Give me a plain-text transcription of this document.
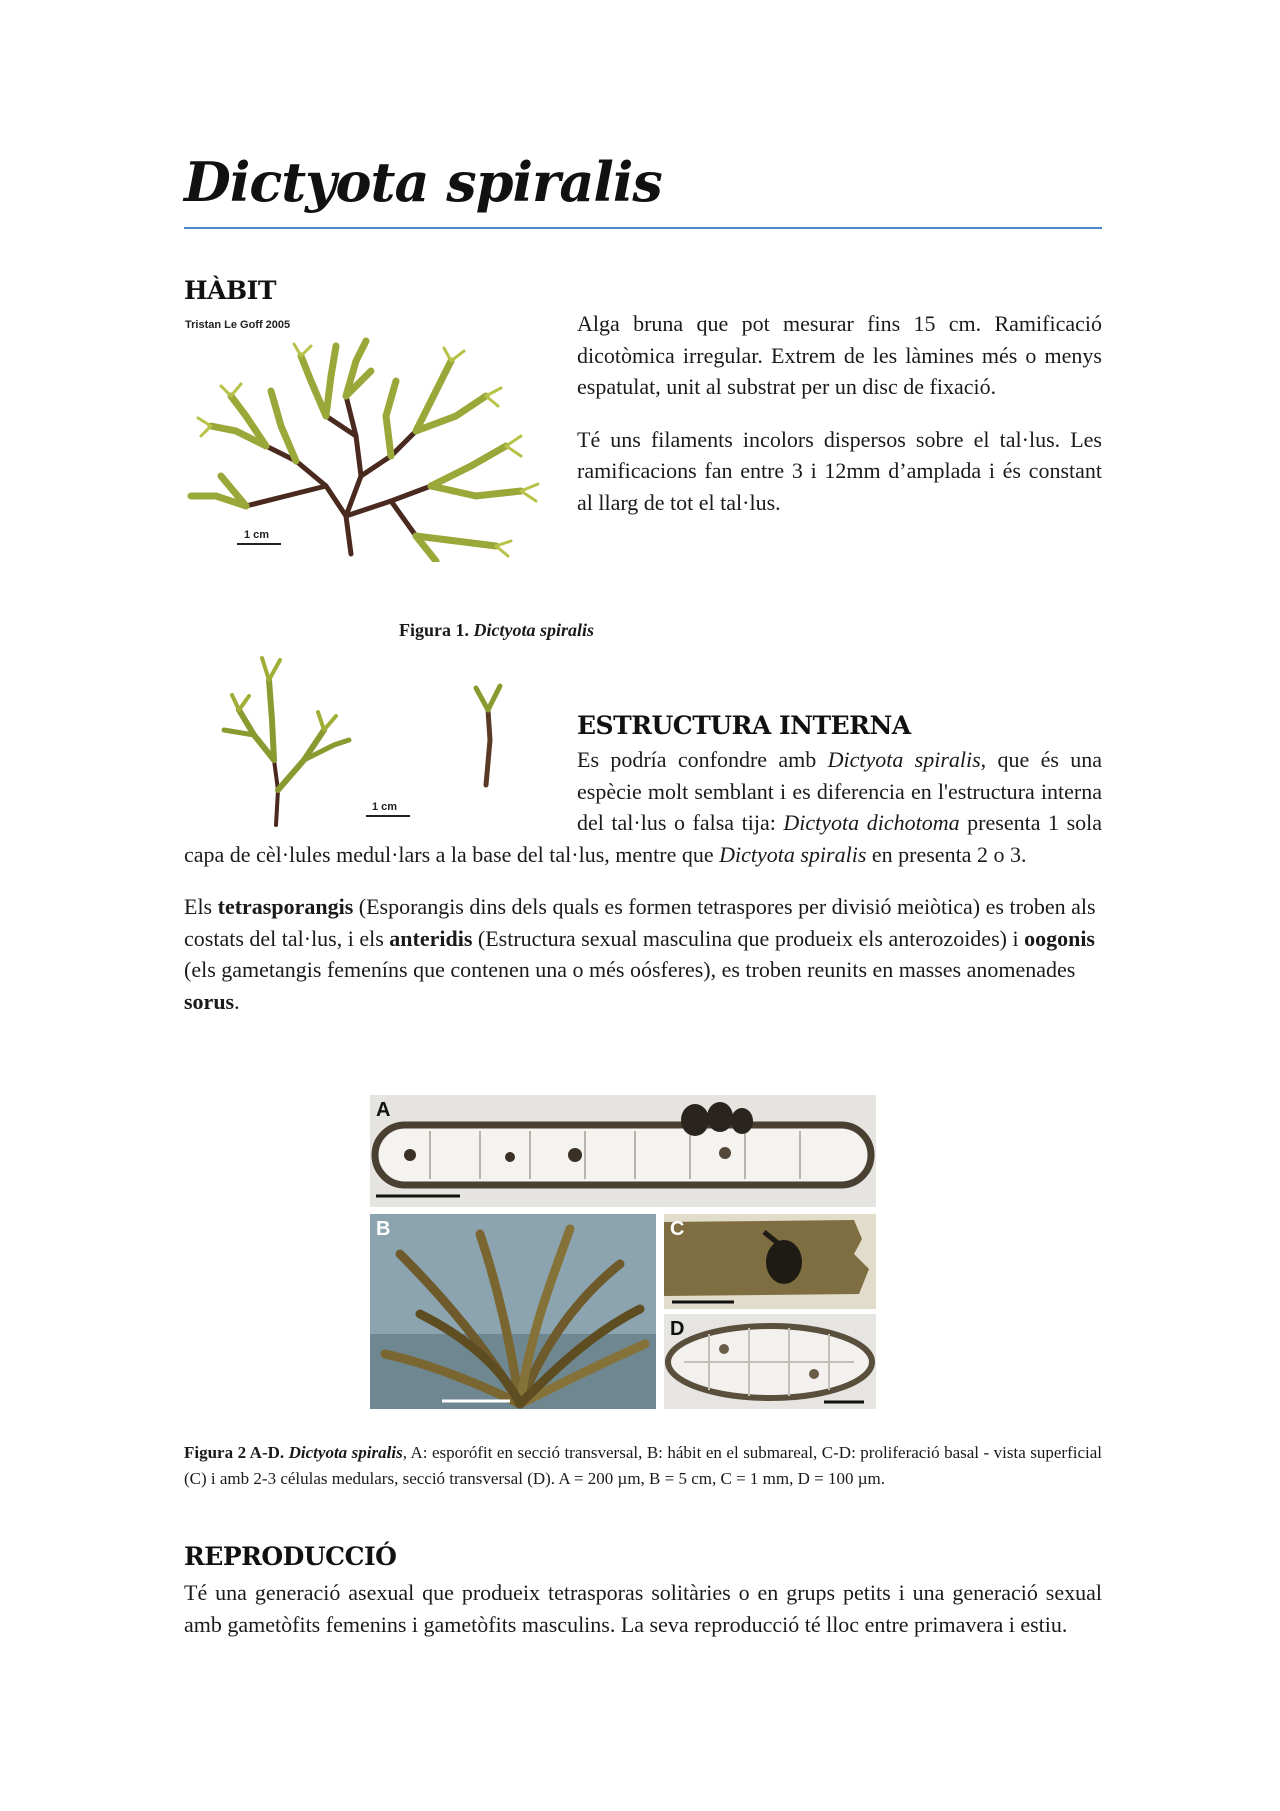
Dictyota spiralis
HÀBIT
Tristan Le Goff 2005
1 cm

Alga bruna que pot mesurar fins 15 cm. Ramificació dicotòmica irregular. Extrem de les làmines més o menys espatulat, unit al substrat per un disc de fixació.

Té uns filaments incolors dispersos sobre el tal·lus. Les ramificacions fan entre 3 i 12mm d’amplada i és constant al llarg de tot el tal·lus.

Figura 1. Dictyota spiralis
1 cm
ESTRUCTURA INTERNA

Es podría confondre amb Dictyota spiralis, que és una espècie molt semblant i es diferencia en l'estructura interna del tal·lus o falsa tija: Dictyota dichotoma presenta 1 sola capa de cèl·lules medul·lars a la base del tal·lus, mentre que Dictyota spiralis en presenta 2 o 3.

Els tetrasporangis (Esporangis dins dels quals es formen tetraspores per divisió meiòtica) es troben als costats del tal·lus, i els anteridis (Estructura sexual masculina que produeix els anterozoides) i oogonis (els gametangis femeníns que contenen una o més oósferes), es troben reunits en masses anomenades sorus.

A
B	C
D

Figura 2 A-D. Dictyota spiralis, A: esporófit en secció transversal, B: hábit en el submareal, C-D: proliferació basal - vista superficial (C) i amb 2-3 células medulars, secció transversal (D). A = 200 µm, B = 5 cm, C = 1 mm, D = 100 µm.

REPRODUCCIÓ

Té una generació asexual que produeix tetrasporas solitàries o en grups petits i una generació sexual amb gametòfits femenins i gametòfits masculins. La seva reproducció té lloc entre primavera i estiu.
